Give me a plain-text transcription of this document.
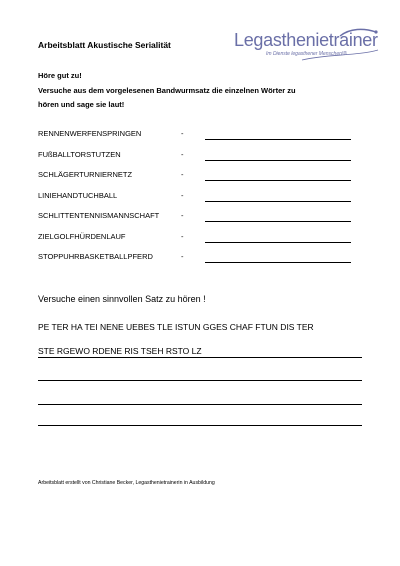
Arbeitsblatt Akustische Serialität	Legasthenietrainer
Im Dienste legasthener Menschen!®
Höre gut zu!
Versuche aus dem vorgelesenen Bandwurmsatz die einzelnen Wörter zu
hören und sage sie laut!
RENNENWERFENSPRINGEN	-
FUßBALLTORSTUTZEN	-
SCHLÄGERTURNIERNETZ	-
LINIEHANDTUCHBALL	-
SCHLITTENTENNISMANNSCHAFT	-
ZIELGOLFHÜRDENLAUF	-
STOPPUHRBASKETBALLPFERD	-
Versuche einen sinnvollen Satz zu hören !
PE TER HA TEI NENE UEBES TLE ISTUN GGES CHAF FTUN DIS TER
STE RGEWO RDENE RIS TSEH RSTO LZ
Arbeitsblatt erstellt von Christiane Becker, Legasthenietrainerin in Ausbildung
